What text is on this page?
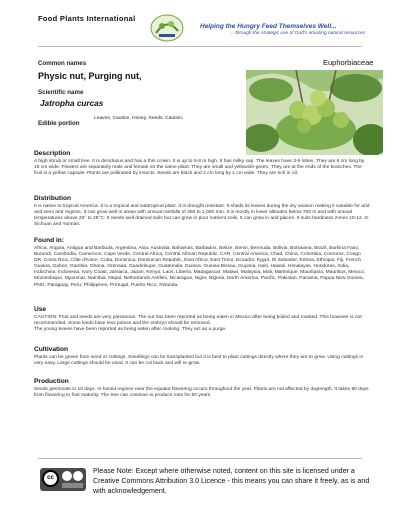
Food Plants International
Helping the Hungry Feed Themselves Well...
... through the strategic use of God's amazing natural resources
Common names
Physic nut, Purging nut,
Euphorbiaceae
Scientific name
Jatropha curcas
Edible portion
Leaves, Caution, Honey, Seeds, Caution,
Description
A high shrub or small tree. It is deciduous and has a thin crown. It is up to 5-8 m high. It has milky sap. The leaves have 3-5 lobes. They are 6 cm long by 15 cm wide. Flowers are separately male and female on the same plant. They are small and yellowish-green. They are at the ends of the branches. The fruit is a yellow capsule. Plants are pollinated by insects. Seeds are black and 2 cm long by 1 cm wide. They are rich in oil.
Distribution
It is native to tropical America. It is a tropical and subtropical plant. It is drought resistant. It sheds its leaves during the dry season making it suitable for arid and semi arid regions. It can grow well in areas with annual rainfalls of 300 to 1,000 mm. It is mostly in lower altitudes below 700 m and with annual temperatures above 20° to 28°C. It needs well drained soils but can grow in poor nutrient soils. It can grow in arid places. It suits hardiness zones 10-12. In Sichuan and Yunnan.
Found in:
Africa, Angola, Antigua and Barbuda, Argentina, Asia, Australia, Bahamas, Barbados, Belize, Benin, Bermuda, Bolivia, Botswana, Brazil, Burkina Faso, Burundi, Cambodia, Cameroon, Cape Verde, Central Africa, Central African Republic, CAR, Central America, Chad, China, Colombia, Comoros, Congo DR, Costa Rica, Côte d'Ivoire, Cuba, Dominica, Dominican Republic, East Africa, East Timor, Ecuador, Egypt, El Salvador, Eritrea, Ethiopia, Fiji, French Guiana, Gabon, Gambia, Ghana, Grenada, Guadeloupe, Guatemala, Guinea, Guinea-Bissau, Guyana, Haiti, Hawaii, Himalayas, Honduras, India, Indochina, Indonesia, Ivory Coast, Jamaica, Japan, Kenya, Laos, Liberia, Madagascar, Malawi, Malaysia, Mali, Martinique, Mauritania, Mauritius, Mexico, Mozambique, Myanmar, Namibia, Nepal, Netherlands Antilles, Nicaragua, Niger, Nigeria, North America, Pacific, Pakistan, Panama, Papua New Guinea, PNG, Paraguay, Peru, Philippines, Portugal, Puerto Rico, Rwanda.
Use
CAUTION: Fruit and seeds are very poisonous. The nut has been reported as being eaten in Mexico after being boiled and roasted. This however is not recommended. Some kinds have less poison and the embryo should be removed.
The young leaves have been reported as being eaten after cooking. They act as a purge.
Cultivation
Plants can be grown from seed or cuttings. Seedlings can be transplanted but it is best to plant cuttings directly where they are to grow. Using cuttings is very easy. Large cuttings should be used. It can be cut back and will re-grow.
Production
Seeds germinate in 10 days. In humid regions near the equator flowering occurs throughout the year. Plants are not affected by daylength. It takes 90 days from flowering to fruit maturity. The tree can continue to produce nuts for 50 years.
cc
Please Note: Except where otherwise noted, content on this site is licensed under a Creative Commons Attribution 3.0 Licence - this means you can share it freely, as is and with acknowledgement.
